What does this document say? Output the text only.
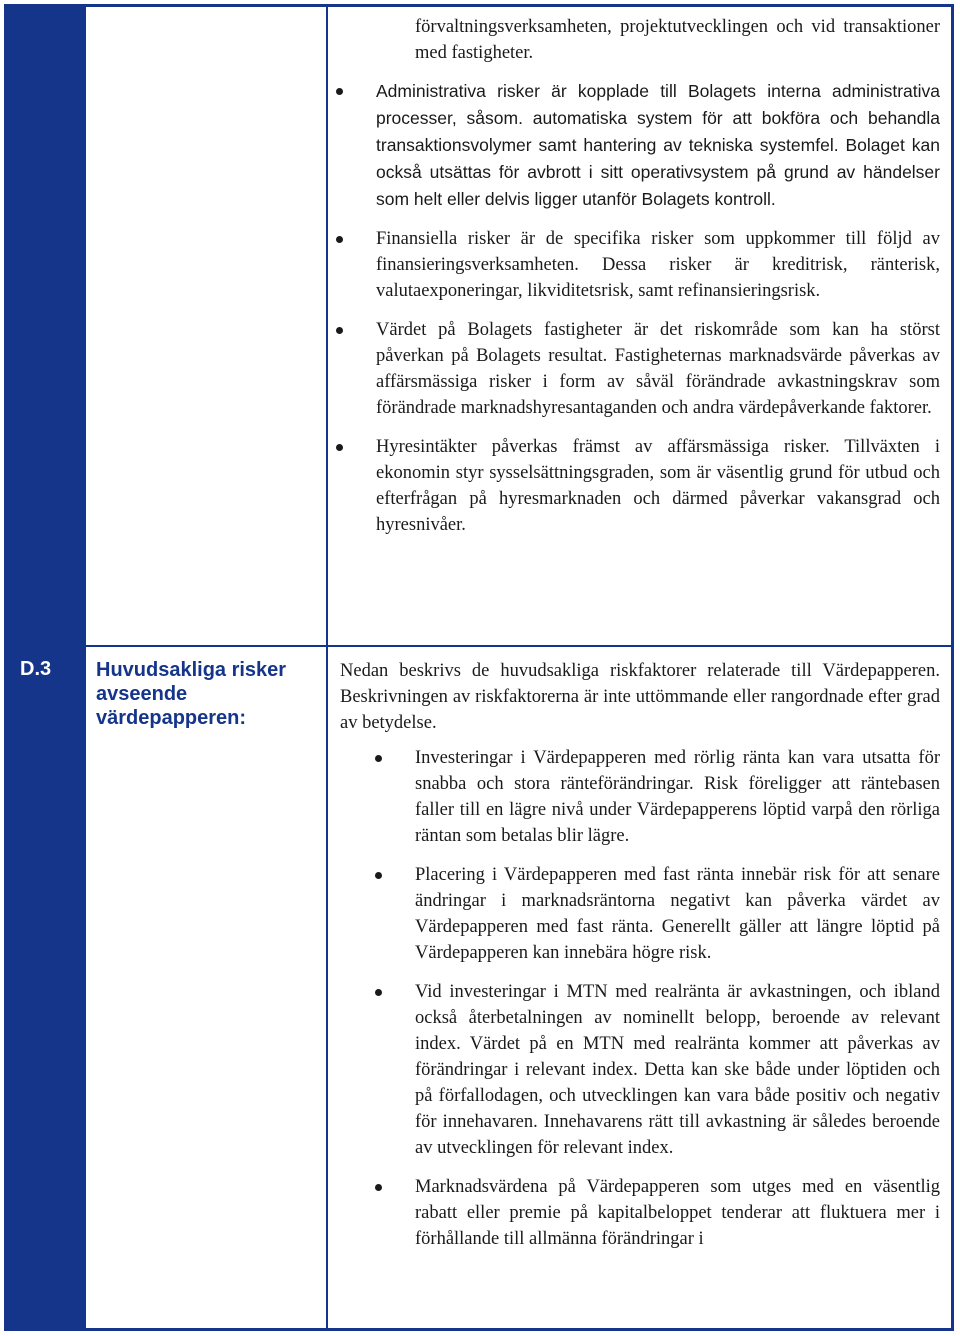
D.3 Huvudsakliga risker avseende värdepapperen:
förvaltningsverksamheten, projektutvecklingen och vid transaktioner med fastigheter.
Administrativa risker är kopplade till Bolagets interna administrativa processer, såsom. automatiska system för att bokföra och behandla transaktionsvolymer samt hantering av tekniska systemfel. Bolaget kan också utsättas för avbrott i sitt operativsystem på grund av händelser som helt eller delvis ligger utanför Bolagets kontroll.
Finansiella risker är de specifika risker som uppkommer till följd av finansieringsverksamheten. Dessa risker är kreditrisk, ränterisk, valutaexponeringar, likviditetsrisk, samt refinansieringsrisk.
Värdet på Bolagets fastigheter är det riskområde som kan ha störst påverkan på Bolagets resultat. Fastigheternas marknadsvärde påverkas av affärsmässiga risker i form av såväl förändrade avkastningskrav som förändrade marknadshyresantaganden och andra värdepåverkande faktorer.
Hyresintäkter påverkas främst av affärsmässiga risker. Tillväxten i ekonomin styr sysselsättningsgraden, som är väsentlig grund för utbud och efterfrågan på hyresmarknaden och därmed påverkar vakansgrad och hyresnivåer.
Nedan beskrivs de huvudsakliga riskfaktorer relaterade till Värdepapperen. Beskrivningen av riskfaktorerna är inte uttömmande eller rangordnade efter grad av betydelse.
Investeringar i Värdepapperen med rörlig ränta kan vara utsatta för snabba och stora ränteförändringar. Risk föreligger att räntebasen faller till en lägre nivå under Värdepapperens löptid varpå den rörliga räntan som betalas blir lägre.
Placering i Värdepapperen med fast ränta innebär risk för att senare ändringar i marknadsräntorna negativt kan påverka värdet av Värdepapperen med fast ränta. Generellt gäller att längre löptid på Värdepapperen kan innebära högre risk.
Vid investeringar i MTN med realränta är avkastningen, och ibland också återbetalningen av nominellt belopp, beroende av relevant index. Värdet på en MTN med realränta kommer att påverkas av förändringar i relevant index. Detta kan ske både under löptiden och på förfallodagen, och utvecklingen kan vara både positiv och negativ för innehavaren. Innehavarens rätt till avkastning är således beroende av utvecklingen för relevant index.
Marknadsvärdena på Värdepapperen som utges med en väsentlig rabatt eller premie på kapitalbeloppet tenderar att fluktuera mer i förhållande till allmänna förändringar i
